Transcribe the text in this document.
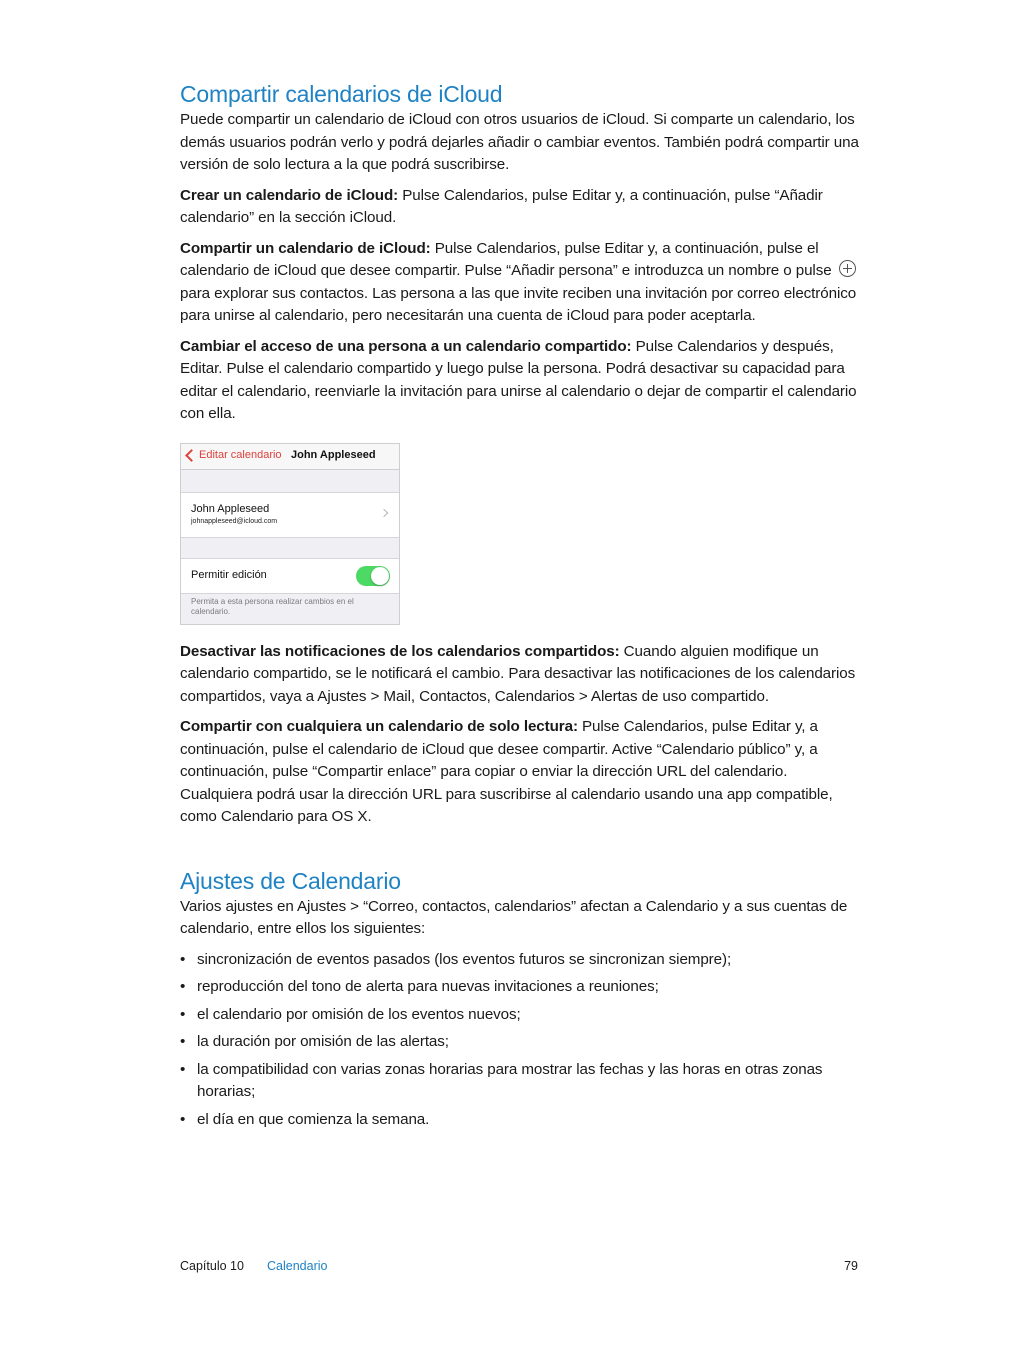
Compartir calendarios de iCloud

Puede compartir un calendario de iCloud con otros usuarios de iCloud. Si comparte un calendario, los demás usuarios podrán verlo y podrá dejarles añadir o cambiar eventos. También podrá compartir una versión de solo lectura a la que podrá suscribirse.

Crear un calendario de iCloud: Pulse Calendarios, pulse Editar y, a continuación, pulse “Añadir calendario” en la sección iCloud.

Compartir un calendario de iCloud: Pulse Calendarios, pulse Editar y, a continuación, pulse el calendario de iCloud que desee compartir. Pulse “Añadir persona” e introduzca un nombre o pulse  para explorar sus contactos. Las persona a las que invite reciben una invitación por correo electrónico para unirse al calendario, pero necesitarán una cuenta de iCloud para poder aceptarla.

Cambiar el acceso de una persona a un calendario compartido: Pulse Calendarios y después, Editar. Pulse el calendario compartido y luego pulse la persona. Podrá desactivar su capacidad para editar el calendario, reenviarle la invitación para unirse al calendario o dejar de compartir el calendario con ella.

Editar calendario John Appleseed
John Appleseed
johnappleseed@icloud.com
Permitir edición
Permita a esta persona realizar cambios en el calendario.

Desactivar las notificaciones de los calendarios compartidos: Cuando alguien modifique un calendario compartido, se le notificará el cambio. Para desactivar las notificaciones de los calendarios compartidos, vaya a Ajustes > Mail, Contactos, Calendarios > Alertas de uso compartido.

Compartir con cualquiera un calendario de solo lectura: Pulse Calendarios, pulse Editar y, a continuación, pulse el calendario de iCloud que desee compartir. Active “Calendario público” y, a continuación, pulse “Compartir enlace” para copiar o enviar la dirección URL del calendario. Cualquiera podrá usar la dirección URL para suscribirse al calendario usando una app compatible, como Calendario para OS X.

Ajustes de Calendario

Varios ajustes en Ajustes > “Correo, contactos, calendarios” afectan a Calendario y a sus cuentas de calendario, entre ellos los siguientes:

• sincronización de eventos pasados (los eventos futuros se sincronizan siempre);
• reproducción del tono de alerta para nuevas invitaciones a reuniones;
• el calendario por omisión de los eventos nuevos;
• la duración por omisión de las alertas;
• la compatibilidad con varias zonas horarias para mostrar las fechas y las horas en otras zonas horarias;
• el día en que comienza la semana.
Capítulo 10 Calendario	79
